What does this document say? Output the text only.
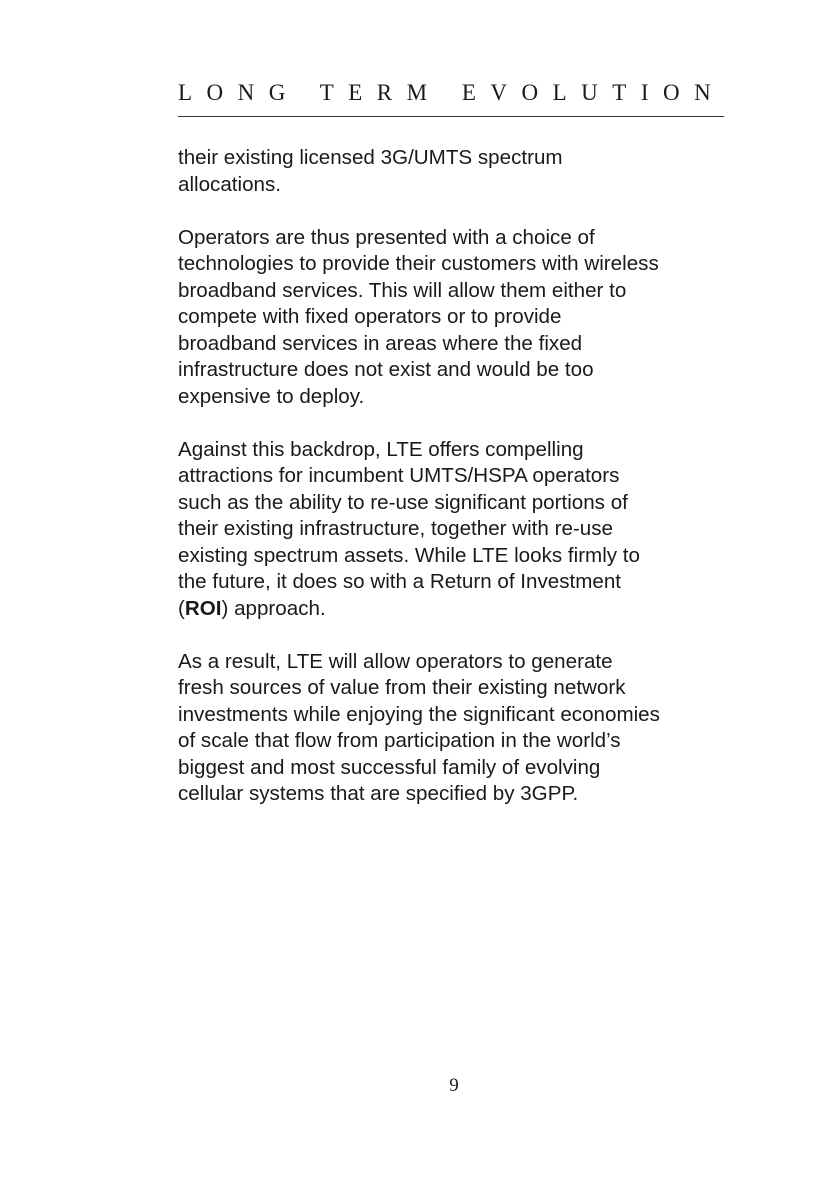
LONG TERM EVOLUTION

their existing licensed 3G/UMTS spectrum
allocations.

Operators are thus presented with a choice of
technologies to provide their customers with wireless
broadband services. This will allow them either to
compete with fixed operators or to provide
broadband services in areas where the fixed
infrastructure does not exist and would be too
expensive to deploy.

Against this backdrop, LTE offers compelling
attractions for incumbent UMTS/HSPA operators
such as the ability to re-use significant portions of
their existing infrastructure, together with re-use
existing spectrum assets. While LTE looks firmly to
the future, it does so with a Return of Investment
(ROI) approach.

As a result, LTE will allow operators to generate
fresh sources of value from their existing network
investments while enjoying the significant economies
of scale that flow from participation in the world’s
biggest and most successful family of evolving
cellular systems that are specified by 3GPP.

9
